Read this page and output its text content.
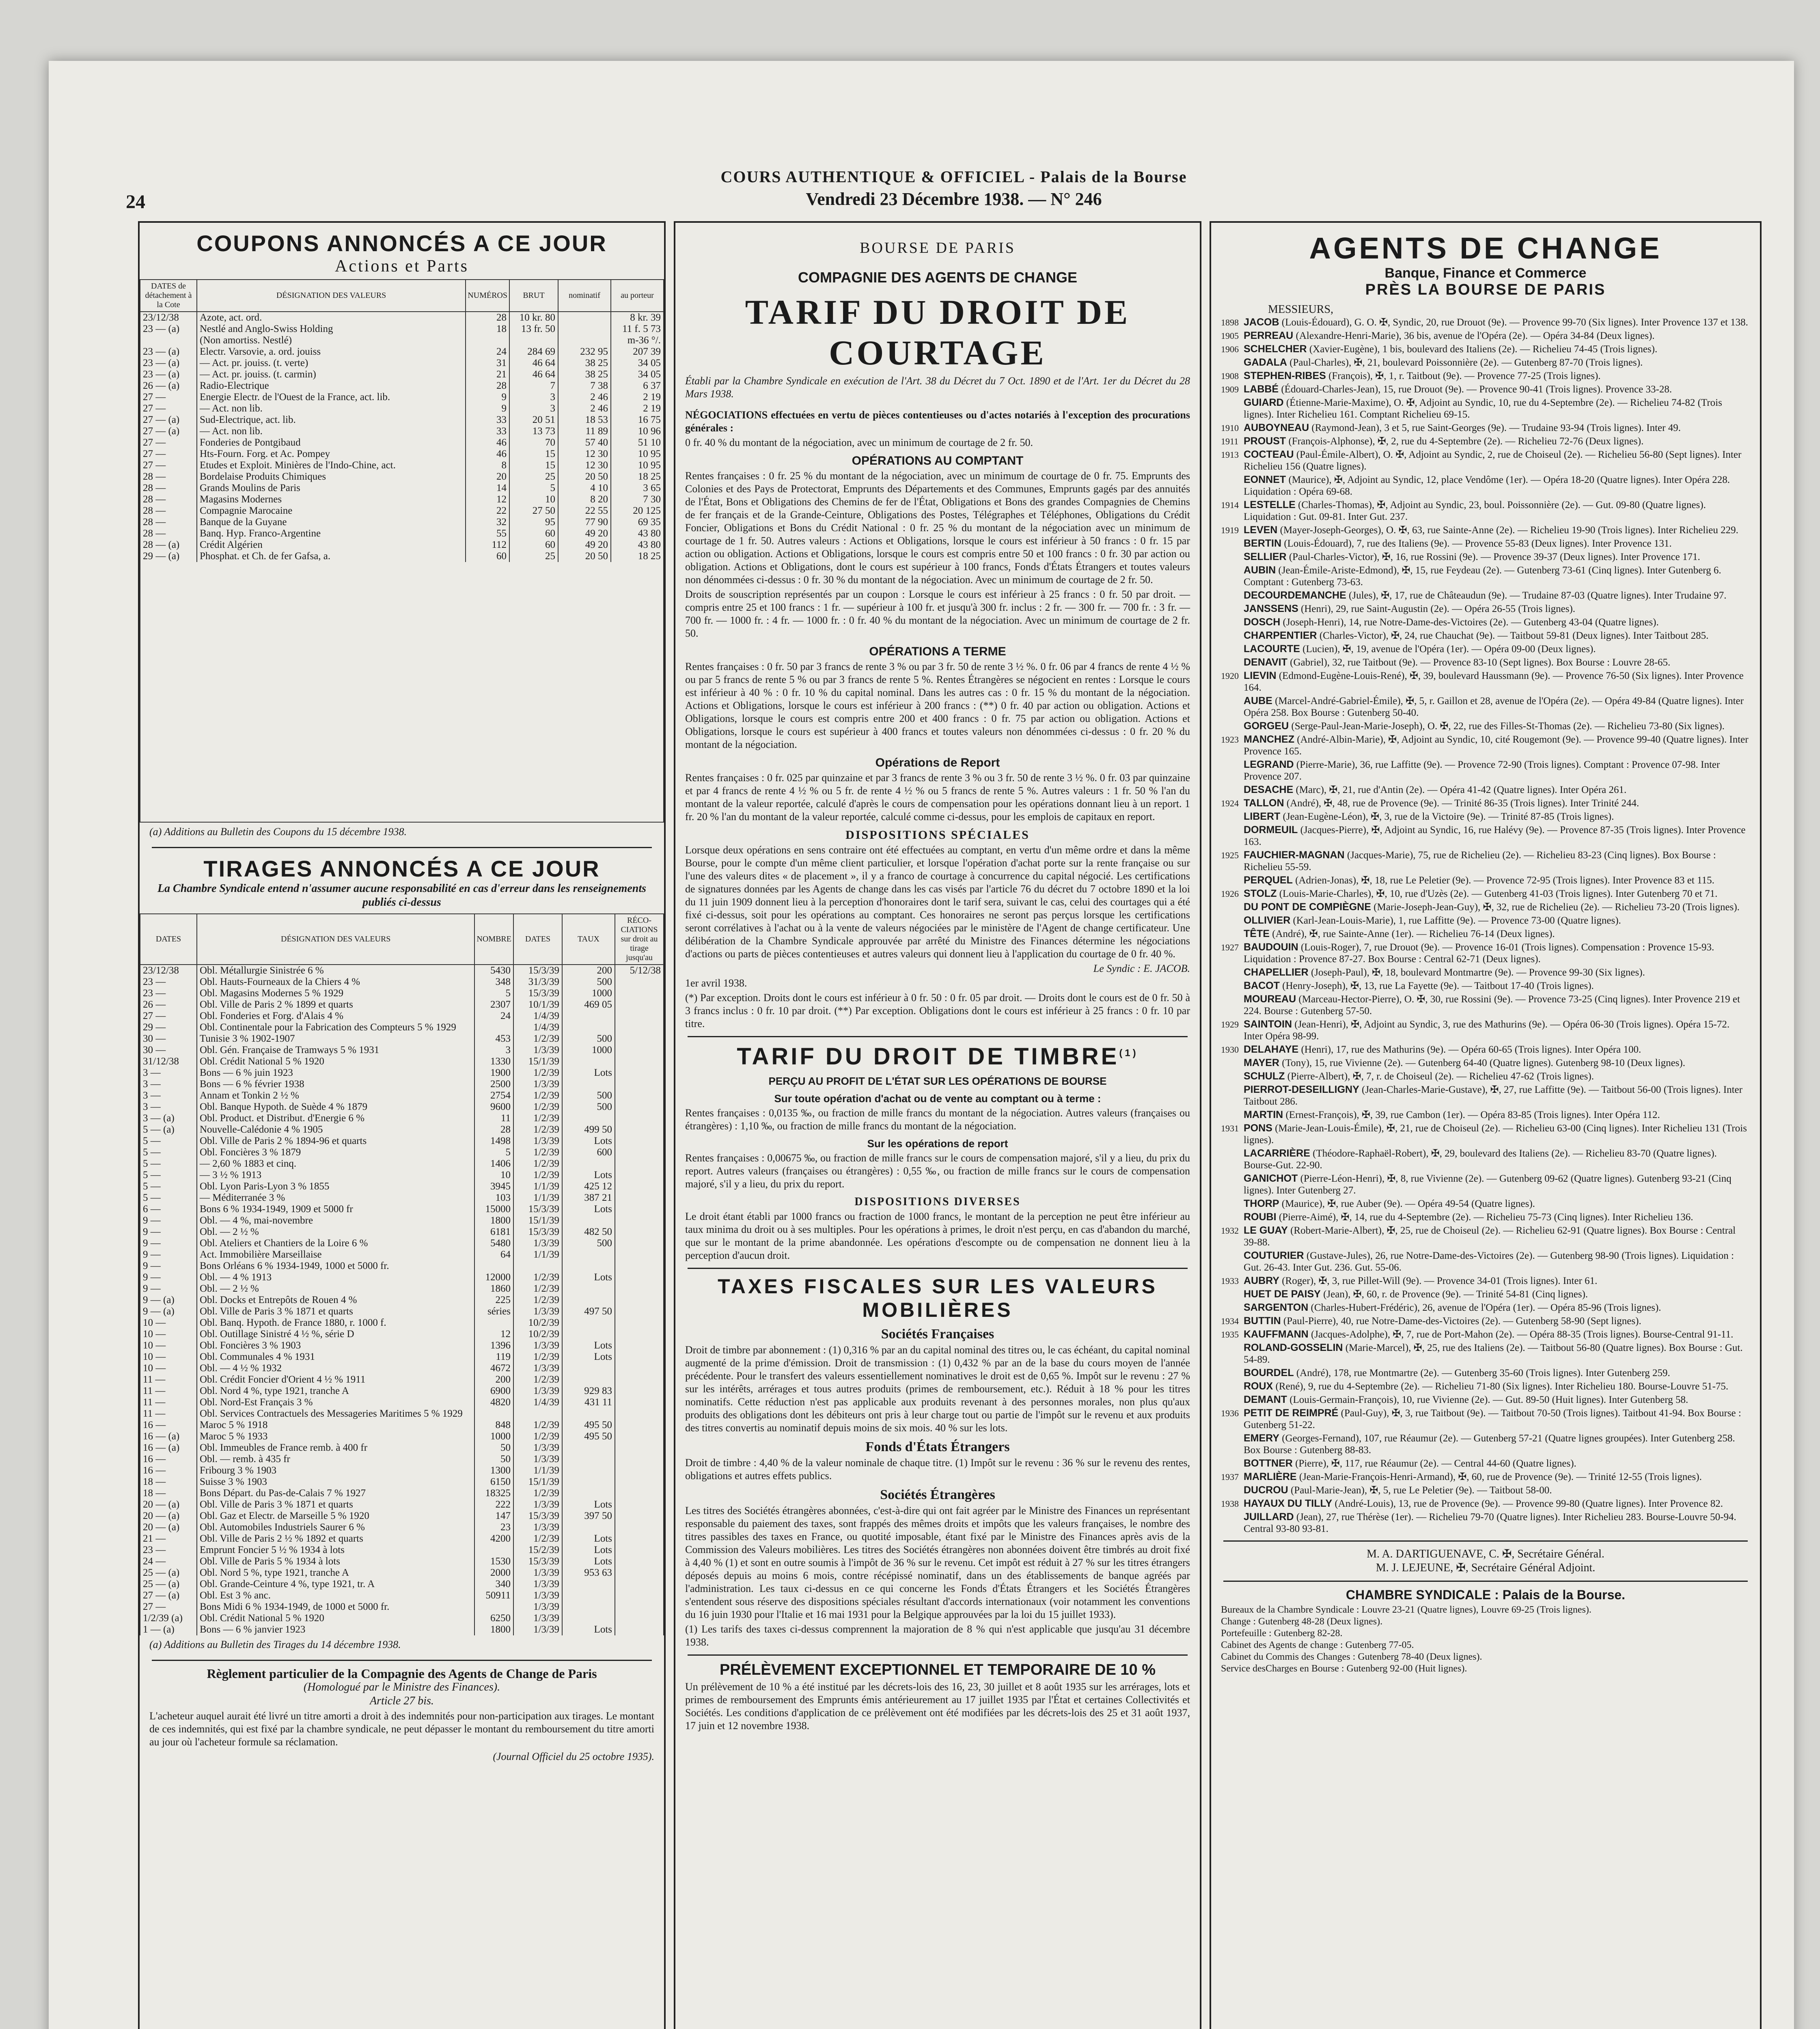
24
COURS AUTHENTIQUE & OFFICIEL - Palais de la Bourse
Vendredi 23 Décembre 1938. — N° 246
COUPONS ANNONCÉS A CE JOUR
Actions et Parts
DATES de détachement à la Cote	DÉSIGNATION DES VALEURS	NUMÉROS	BRUT	nominatif	au porteur
23/12/38	Azote, act. ord.	28	10 kr. 80		8 kr. 39
23 — (a)	Nestlé and Anglo-Swiss Holding	18	13 fr. 50		11 f. 5 73
	(Non amortiss. Nestlé)				m-36 °/.
23 — (a)	Electr. Varsovie, a. ord. jouiss	24	284 69	232 95	207 39
23 — (a)	— Act. pr. jouiss. (t. verte)	31	46 64	38 25	34 05
23 — (a)	— Act. pr. jouiss. (t. carmin)	21	46 64	38 25	34 05
26 — (a)	Radio-Electrique	28	7	7 38	6 37
27 —	Energie Electr. de l'Ouest de la France, act. lib.	9	3	2 46	2 19
27 —	— Act. non lib.	9	3	2 46	2 19
27 — (a)	Sud-Electrique, act. lib.	33	20 51	18 53	16 75
27 — (a)	— Act. non lib.	33	13 73	11 89	10 96
27 —	Fonderies de Pontgibaud	46	70	57 40	51 10
27 —	Hts-Fourn. Forg. et Ac. Pompey	46	15	12 30	10 95
27 —	Etudes et Exploit. Minières de l'Indo-Chine, act.	8	15	12 30	10 95
28 —	Bordelaise Produits Chimiques	20	25	20 50	18 25
28 —	Grands Moulins de Paris	14	5	4 10	3 65
28 —	Magasins Modernes	12	10	8 20	7 30
28 —	Compagnie Marocaine	22	27 50	22 55	20 125
28 —	Banque de la Guyane	32	95	77 90	69 35
28 —	Banq. Hyp. Franco-Argentine	55	60	49 20	43 80
28 — (a)	Crédit Algérien	112	60	49 20	43 80
29 — (a)	Phosphat. et Ch. de fer Gafsa, a.	60	25	20 50	18 25
(a) Additions au Bulletin des Coupons du 15 décembre 1938.
TIRAGES ANNONCÉS A CE JOUR
La Chambre Syndicale entend n'assumer aucune responsabilité en cas d'erreur dans les renseignements publiés ci-dessus
DATES	DÉSIGNATION DES VALEURS	NOMBRE	DATES	TAUX	RÉCO-CIATIONS sur droit au tirage jusqu'au
23/12/38	Obl. Métallurgie Sinistrée 6 %	5430	15/3/39	200	5/12/38
23 —	Obl. Hauts-Fourneaux de la Chiers 4 %	348	31/3/39	500	
23 —	Obl. Magasins Modernes 5 % 1929	5	15/3/39	1000	
26 —	Obl. Ville de Paris 2 % 1899 et quarts	2307	10/1/39	469 05	
27 —	Obl. Fonderies et Forg. d'Alais 4 %	24	1/4/39		
29 —	Obl. Continentale pour la Fabrication des Compteurs 5 % 1929		1/4/39		
30 —	Tunisie 3 % 1902-1907	453	1/2/39	500	
30 —	Obl. Gén. Française de Tramways 5 % 1931	3	1/3/39	1000	
31/12/38	Obl. Crédit National 5 % 1920	1330	15/1/39		
3 —	Bons — 6 % juin 1923	1900	1/2/39	Lots	
3 —	Bons — 6 % février 1938	2500	1/3/39		
3 —	Annam et Tonkin 2 ½ %	2754	1/2/39	500	
3 —	Obl. Banque Hypoth. de Suède 4 % 1879	9600	1/2/39	500	
3 — (a)	Obl. Product. et Distribut. d'Energie 6 %	11	1/2/39		
5 — (a)	Nouvelle-Calédonie 4 % 1905	28	1/2/39	499 50	
5 —	Obl. Ville de Paris 2 % 1894-96 et quarts	1498	1/3/39	Lots	
5 —	Obl. Foncières 3 % 1879	5	1/2/39	600	
5 —	— 2,60 % 1883 et cinq.	1406	1/2/39		
5 —	— 3 ½ % 1913	10	1/2/39	Lots	
5 —	Obl. Lyon Paris-Lyon 3 % 1855	3945	1/1/39	425 12	
5 —	— Méditerranée 3 %	103	1/1/39	387 21	
6 —	Bons 6 % 1934-1949, 1909 et 5000 fr	15000	15/3/39	Lots	
9 —	Obl. — 4 %, mai-novembre	1800	15/1/39		
9 —	Obl. — 2 ½ %	6181	15/3/39	482 50	
9 —	Obl. Ateliers et Chantiers de la Loire 6 %	5480	1/3/39	500	
9 —	Act. Immobilière Marseillaise	64	1/1/39		
9 —	Bons Orléans 6 % 1934-1949, 1000 et 5000 fr.				
9 —	Obl. — 4 % 1913	12000	1/2/39	Lots	
9 —	Obl. — 2 ½ %	1860	1/2/39		
9 — (a)	Obl. Docks et Entrepôts de Rouen 4 %	225	1/2/39		
9 — (a)	Obl. Ville de Paris 3 % 1871 et quarts	séries	1/3/39	497 50	
10 —	Obl. Banq. Hypoth. de France 1880, r. 1000 f.		10/2/39		
10 —	Obl. Outillage Sinistré 4 ½ %, série D	12	10/2/39		
10 —	Obl. Foncières 3 % 1903	1396	1/3/39	Lots	
10 —	Obl. Communales 4 % 1931	119	1/2/39	Lots	
10 —	Obl. — 4 ½ % 1932	4672	1/3/39		
11 —	Obl. Crédit Foncier d'Orient 4 ½ % 1911	200	1/2/39		
11 —	Obl. Nord 4 %, type 1921, tranche A	6900	1/3/39	929 83	
11 —	Obl. Nord-Est Français 3 %	4820	1/4/39	431 11	
11 —	Obl. Services Contractuels des Messageries Maritimes 5 % 1929				
16 —	Maroc 5 % 1918	848	1/2/39	495 50	
16 — (a)	Maroc 5 % 1933	1000	1/2/39	495 50	
16 — (a)	Obl. Immeubles de France remb. à 400 fr	50	1/3/39		
16 —	Obl. — remb. à 435 fr	50	1/3/39		
16 —	Fribourg 3 % 1903	1300	1/1/39		
18 —	Suisse 3 % 1903	6150	15/1/39		
18 —	Bons Départ. du Pas-de-Calais 7 % 1927	18325	1/2/39		
20 — (a)	Obl. Ville de Paris 3 % 1871 et quarts	222	1/3/39	Lots	
20 — (a)	Obl. Gaz et Electr. de Marseille 5 % 1920	147	15/3/39	397 50	
20 — (a)	Obl. Automobiles Industriels Saurer 6 %	23	1/3/39		
21 —	Obl. Ville de Paris 2 ½ % 1892 et quarts	4200	1/2/39	Lots	
23 —	Emprunt Foncier 5 ½ % 1934 à lots		15/2/39	Lots	
24 —	Obl. Ville de Paris 5 % 1934 à lots	1530	15/3/39	Lots	
25 — (a)	Obl. Nord 5 %, type 1921, tranche A	2000	1/3/39	953 63	
25 — (a)	Obl. Grande-Ceinture 4 %, type 1921, tr. A	340	1/3/39		
27 — (a)	Obl. Est 3 % anc.	50911	1/3/39		
27 —	Bons Midi 6 % 1934-1949, de 1000 et 5000 fr.		1/3/39		
1/2/39 (a)	Obl. Crédit National 5 % 1920	6250	1/3/39		
1 — (a)	Bons — 6 % janvier 1923	1800	1/3/39	Lots	
(a) Additions au Bulletin des Tirages du 14 décembre 1938.
Règlement particulier de la Compagnie des Agents de Change de Paris
(Homologué par le Ministre des Finances).
Article 27 bis.
L'acheteur auquel aurait été livré un titre amorti a droit à des indemnités pour non-participation aux tirages. Le montant de ces indemnités, qui est fixé par la chambre syndicale, ne peut dépasser le montant du remboursement du titre amorti au jour où l'acheteur formule sa réclamation.
(Journal Officiel du 25 octobre 1935).
BOURSE DE PARIS
COMPAGNIE DES AGENTS DE CHANGE
TARIF DU DROIT DE COURTAGE
Établi par la Chambre Syndicale en exécution de l'Art. 38 du Décret du 7 Oct. 1890 et de l'Art. 1er du Décret du 28 Mars 1938.
NÉGOCIATIONS effectuées en vertu de pièces contentieuses ou d'actes notariés à l'exception des procurations générales :
0 fr. 40 % du montant de la négociation, avec un minimum de courtage de 2 fr. 50.
OPÉRATIONS AU COMPTANT
Rentes françaises : 0 fr. 25 % du montant de la négociation, avec un minimum de courtage de 0 fr. 75. Emprunts des Colonies et des Pays de Protectorat, Emprunts des Départements et des Communes, Emprunts gagés par des annuités de l'État, Bons et Obligations des Chemins de fer de l'État, Obligations et Bons des grandes Compagnies de Chemins de fer français et de la Grande-Ceinture, Obligations des Postes, Télégraphes et Téléphones, Obligations du Crédit Foncier, Obligations et Bons du Crédit National : 0 fr. 25 % du montant de la négociation avec un minimum de courtage de 1 fr. 50. Autres valeurs : Actions et Obligations, lorsque le cours est inférieur à 50 francs : 0 fr. 15 par action ou obligation. Actions et Obligations, lorsque le cours est compris entre 50 et 100 francs : 0 fr. 30 par action ou obligation. Actions et Obligations, dont le cours est supérieur à 100 francs, Fonds d'États Étrangers et toutes valeurs non dénommées ci-dessus : 0 fr. 30 % du montant de la négociation. Avec un minimum de courtage de 2 fr. 50.
Droits de souscription représentés par un coupon : Lorsque le cours est inférieur à 25 francs : 0 fr. 50 par droit. — compris entre 25 et 100 francs : 1 fr. — supérieur à 100 fr. et jusqu'à 300 fr. inclus : 2 fr. — 300 fr. — 700 fr. : 3 fr. — 700 fr. — 1000 fr. : 4 fr. — 1000 fr. : 0 fr. 40 % du montant de la négociation. Avec un minimum de courtage de 2 fr. 50.
OPÉRATIONS A TERME
Rentes françaises : 0 fr. 50 par 3 francs de rente 3 % ou par 3 fr. 50 de rente 3 ½ %. 0 fr. 06 par 4 francs de rente 4 ½ % ou par 5 francs de rente 5 % ou par 3 francs de rente 5 %. Rentes Étrangères se négocient en rentes : Lorsque le cours est inférieur à 40 % : 0 fr. 10 % du capital nominal. Dans les autres cas : 0 fr. 15 % du montant de la négociation. Actions et Obligations, lorsque le cours est inférieur à 200 francs : (**) 0 fr. 40 par action ou obligation. Actions et Obligations, lorsque le cours est compris entre 200 et 400 francs : 0 fr. 75 par action ou obligation. Actions et Obligations, lorsque le cours est supérieur à 400 francs et toutes valeurs non dénommées ci-dessus : 0 fr. 20 % du montant de la négociation.
Opérations de Report
Rentes françaises : 0 fr. 025 par quinzaine et par 3 francs de rente 3 % ou 3 fr. 50 de rente 3 ½ %. 0 fr. 03 par quinzaine et par 4 francs de rente 4 ½ % ou 5 fr. de rente 4 ½ % ou 5 francs de rente 5 %. Autres valeurs : 1 fr. 50 % l'an du montant de la valeur reportée, calculé d'après le cours de compensation pour les opérations donnant lieu à un report. 1 fr. 20 % l'an du montant de la valeur reportée, calculé comme ci-dessus, pour les emplois de capitaux en report.
DISPOSITIONS SPÉCIALES
Lorsque deux opérations en sens contraire ont été effectuées au comptant, en vertu d'un même ordre et dans la même Bourse, pour le compte d'un même client particulier, et lorsque l'opération d'achat porte sur la rente française ou sur l'une des valeurs dites « de placement », il y a franco de courtage à concurrence du capital négocié. Les certifications de signatures données par les Agents de change dans les cas visés par l'article 76 du décret du 7 octobre 1890 et la loi du 11 juin 1909 donnent lieu à la perception d'honoraires dont le tarif sera, suivant le cas, celui des courtages qui a été fixé ci-dessus, soit pour les opérations au comptant. Ces honoraires ne seront pas perçus lorsque les certifications seront corrélatives à l'achat ou à la vente de valeurs négociées par le ministère de l'Agent de change certificateur. Une délibération de la Chambre Syndicale approuvée par arrêté du Ministre des Finances détermine les négociations d'actions ou parts de pièces contentieuses et autres valeurs qui donnent lieu à l'application du courtage de 0 fr. 40 %.
Le Syndic : E. JACOB.
1er avril 1938.
(*) Par exception. Droits dont le cours est inférieur à 0 fr. 50 : 0 fr. 05 par droit. — Droits dont le cours est de 0 fr. 50 à 3 francs inclus : 0 fr. 10 par droit. (**) Par exception. Obligations dont le cours est inférieur à 25 francs : 0 fr. 10 par titre.
TARIF DU DROIT DE TIMBRE$^{(1)}$
PERÇU AU PROFIT DE L'ÉTAT SUR LES OPÉRATIONS DE BOURSE
Sur toute opération d'achat ou de vente au comptant ou à terme :
Rentes françaises : 0,0135 ‰, ou fraction de mille francs du montant de la négociation. Autres valeurs (françaises ou étrangères) : 1,10 ‰, ou fraction de mille francs du montant de la négociation.
Sur les opérations de report
Rentes françaises : 0,00675 ‰, ou fraction de mille francs sur le cours de compensation majoré, s'il y a lieu, du prix du report. Autres valeurs (françaises ou étrangères) : 0,55 ‰, ou fraction de mille francs sur le cours de compensation majoré, s'il y a lieu, du prix du report.
DISPOSITIONS DIVERSES
Le droit étant établi par 1000 francs ou fraction de 1000 francs, le montant de la perception ne peut être inférieur au taux minima du droit ou à ses multiples. Pour les opérations à primes, le droit n'est perçu, en cas d'abandon du marché, que sur le montant de la prime abandonnée. Les opérations d'escompte ou de compensation ne donnent lieu à la perception d'aucun droit.
TAXES FISCALES SUR LES VALEURS MOBILIÈRES
Sociétés Françaises
Droit de timbre par abonnement : (1) 0,316 % par an du capital nominal des titres ou, le cas échéant, du capital nominal augmenté de la prime d'émission. Droit de transmission : (1) 0,432 % par an de la base du cours moyen de l'année précédente. Pour le transfert des valeurs essentiellement nominatives le droit est de 0,65 %. Impôt sur le revenu : 27 % sur les intérêts, arrérages et tous autres produits (primes de remboursement, etc.). Réduit à 18 % pour les titres nominatifs. Cette réduction n'est pas applicable aux produits revenant à des personnes morales, non plus qu'aux produits des obligations dont les débiteurs ont pris à leur charge tout ou partie de l'impôt sur le revenu et aux produits des titres convertis au nominatif depuis moins de six mois. 40 % sur les lots.
Fonds d'États Étrangers
Droit de timbre : 4,40 % de la valeur nominale de chaque titre. (1) Impôt sur le revenu : 36 % sur le revenu des rentes, obligations et autres effets publics.
Sociétés Étrangères
Les titres des Sociétés étrangères abonnées, c'est-à-dire qui ont fait agréer par le Ministre des Finances un représentant responsable du paiement des taxes, sont frappés des mêmes droits et impôts que les valeurs françaises, le nombre des titres passibles des taxes en France, ou quotité imposable, étant fixé par le Ministre des Finances après avis de la Commission des Valeurs mobilières. Les titres des Sociétés étrangères non abonnées doivent être timbrés au droit fixé à 4,40 % (1) et sont en outre soumis à l'impôt de 36 % sur le revenu. Cet impôt est réduit à 27 % sur les titres étrangers déposés depuis au moins 6 mois, contre récépissé nominatif, dans un des établissements de banque agréés par l'administration. Les taux ci-dessus en ce qui concerne les Fonds d'États Étrangers et les Sociétés Étrangères s'entendent sous réserve des dispositions spéciales résultant d'accords internationaux (voir notamment les conventions du 16 juin 1930 pour l'Italie et 16 mai 1931 pour la Belgique approuvées par la loi du 15 juillet 1933).
(1) Les tarifs des taxes ci-dessus comprennent la majoration de 8 % qui n'est applicable que jusqu'au 31 décembre 1938.
PRÉLÈVEMENT EXCEPTIONNEL ET TEMPORAIRE DE 10 %
Un prélèvement de 10 % a été institué par les décrets-lois des 16, 23, 30 juillet et 8 août 1935 sur les arrérages, lots et primes de remboursement des Emprunts émis antérieurement au 17 juillet 1935 par l'État et certaines Collectivités et Sociétés. Les conditions d'application de ce prélèvement ont été modifiées par les décrets-lois des 25 et 31 août 1937, 17 juin et 12 novembre 1938.
AGENTS DE CHANGE
Banque, Finance et Commerce
PRÈS LA BOURSE DE PARIS
MESSIEURS,
1898 JACOB (Louis-Édouard), G. O. ✠, Syndic, 20, rue Drouot (9e). — Provence 99-70 (Six lignes). Inter Provence 137 et 138.
1905 PERREAU (Alexandre-Henri-Marie), 36 bis, avenue de l'Opéra (2e). — Opéra 34-84 (Deux lignes).
1906 SCHELCHER (Xavier-Eugène), 1 bis, boulevard des Italiens (2e). — Richelieu 74-45 (Trois lignes).
GADALA (Paul-Charles), ✠, 21, boulevard Poissonnière (2e). — Gutenberg 87-70 (Trois lignes).
1908 STEPHEN-RIBES (François), ✠, 1, r. Taitbout (9e). — Provence 77-25 (Trois lignes).
1909 LABBÉ (Édouard-Charles-Jean), 15, rue Drouot (9e). — Provence 90-41 (Trois lignes). Provence 33-28.
GUIARD (Étienne-Marie-Maxime), O. ✠, Adjoint au Syndic, 10, rue du 4-Septembre (2e). — Richelieu 74-82 (Trois lignes). Inter Richelieu 161. Comptant Richelieu 69-15.
1910 AUBOYNEAU (Raymond-Jean), 3 et 5, rue Saint-Georges (9e). — Trudaine 93-94 (Trois lignes). Inter 49.
1911 PROUST (François-Alphonse), ✠, 2, rue du 4-Septembre (2e). — Richelieu 72-76 (Deux lignes).
1913 COCTEAU (Paul-Émile-Albert), O. ✠, Adjoint au Syndic, 2, rue de Choiseul (2e). — Richelieu 56-80 (Sept lignes). Inter Richelieu 156 (Quatre lignes).
EONNET (Maurice), ✠, Adjoint au Syndic, 12, place Vendôme (1er). — Opéra 18-20 (Quatre lignes). Inter Opéra 228. Liquidation : Opéra 69-68.
1914 LESTELLE (Charles-Thomas), ✠, Adjoint au Syndic, 23, boul. Poissonnière (2e). — Gut. 09-80 (Quatre lignes). Liquidation : Gut. 09-81. Inter Gut. 237.
1919 LEVEN (Mayer-Joseph-Georges), O. ✠, 63, rue Sainte-Anne (2e). — Richelieu 19-90 (Trois lignes). Inter Richelieu 229.
BERTIN (Louis-Édouard), 7, rue des Italiens (9e). — Provence 55-83 (Deux lignes). Inter Provence 131.
SELLIER (Paul-Charles-Victor), ✠, 16, rue Rossini (9e). — Provence 39-37 (Deux lignes). Inter Provence 171.
AUBIN (Jean-Émile-Ariste-Edmond), ✠, 15, rue Feydeau (2e). — Gutenberg 73-61 (Cinq lignes). Inter Gutenberg 6. Comptant : Gutenberg 73-63.
DECOURDEMANCHE (Jules), ✠, 17, rue de Châteaudun (9e). — Trudaine 87-03 (Quatre lignes). Inter Trudaine 97.
JANSSENS (Henri), 29, rue Saint-Augustin (2e). — Opéra 26-55 (Trois lignes).
DOSCH (Joseph-Henri), 14, rue Notre-Dame-des-Victoires (2e). — Gutenberg 43-04 (Quatre lignes).
CHARPENTIER (Charles-Victor), ✠, 24, rue Chauchat (9e). — Taitbout 59-81 (Deux lignes). Inter Taitbout 285.
LACOURTE (Lucien), ✠, 19, avenue de l'Opéra (1er). — Opéra 09-00 (Deux lignes).
DENAVIT (Gabriel), 32, rue Taitbout (9e). — Provence 83-10 (Sept lignes). Box Bourse : Louvre 28-65.
1920 LIEVIN (Edmond-Eugène-Louis-René), ✠, 39, boulevard Haussmann (9e). — Provence 76-50 (Six lignes). Inter Provence 164.
AUBE (Marcel-André-Gabriel-Émile), ✠, 5, r. Gaillon et 28, avenue de l'Opéra (2e). — Opéra 49-84 (Quatre lignes). Inter Opéra 258. Box Bourse : Gutenberg 50-40.
GORGEU (Serge-Paul-Jean-Marie-Joseph), O. ✠, 22, rue des Filles-St-Thomas (2e). — Richelieu 73-80 (Six lignes).
1923 MANCHEZ (André-Albin-Marie), ✠, Adjoint au Syndic, 10, cité Rougemont (9e). — Provence 99-40 (Quatre lignes). Inter Provence 165.
LEGRAND (Pierre-Marie), 36, rue Laffitte (9e). — Provence 72-90 (Trois lignes). Comptant : Provence 07-98. Inter Provence 207.
DESACHE (Marc), ✠, 21, rue d'Antin (2e). — Opéra 41-42 (Quatre lignes). Inter Opéra 261.
1924 TALLON (André), ✠, 48, rue de Provence (9e). — Trinité 86-35 (Trois lignes). Inter Trinité 244.
LIBERT (Jean-Eugène-Léon), ✠, 3, rue de la Victoire (9e). — Trinité 87-85 (Trois lignes).
DORMEUIL (Jacques-Pierre), ✠, Adjoint au Syndic, 16, rue Halévy (9e). — Provence 87-35 (Trois lignes). Inter Provence 163.
1925 FAUCHIER-MAGNAN (Jacques-Marie), 75, rue de Richelieu (2e). — Richelieu 83-23 (Cinq lignes). Box Bourse : Richelieu 55-59.
PERQUEL (Adrien-Jonas), ✠, 18, rue Le Peletier (9e). — Provence 72-95 (Trois lignes). Inter Provence 83 et 115.
1926 STOLZ (Louis-Marie-Charles), ✠, 10, rue d'Uzès (2e). — Gutenberg 41-03 (Trois lignes). Inter Gutenberg 70 et 71.
DU PONT DE COMPIÈGNE (Marie-Joseph-Jean-Guy), ✠, 32, rue de Richelieu (2e). — Richelieu 73-20 (Trois lignes).
OLLIVIER (Karl-Jean-Louis-Marie), 1, rue Laffitte (9e). — Provence 73-00 (Quatre lignes).
TÊTE (André), ✠, rue Sainte-Anne (1er). — Richelieu 76-14 (Deux lignes).
1927 BAUDOUIN (Louis-Roger), 7, rue Drouot (9e). — Provence 16-01 (Trois lignes). Compensation : Provence 15-93. Liquidation : Provence 87-27. Box Bourse : Central 62-71 (Deux lignes).
CHAPELLIER (Joseph-Paul), ✠, 18, boulevard Montmartre (9e). — Provence 99-30 (Six lignes).
BACOT (Henry-Joseph), ✠, 13, rue La Fayette (9e). — Taitbout 17-40 (Trois lignes).
MOUREAU (Marceau-Hector-Pierre), O. ✠, 30, rue Rossini (9e). — Provence 73-25 (Cinq lignes). Inter Provence 219 et 224. Bourse : Gutenberg 57-50.
1929 SAINTOIN (Jean-Henri), ✠, Adjoint au Syndic, 3, rue des Mathurins (9e). — Opéra 06-30 (Trois lignes). Opéra 15-72. Inter Opéra 98-99.
1930 DELAHAYE (Henri), 17, rue des Mathurins (9e). — Opéra 60-65 (Trois lignes). Inter Opéra 100.
MAYER (Tony), 15, rue Vivienne (2e). — Gutenberg 64-40 (Quatre lignes). Gutenberg 98-10 (Deux lignes).
SCHULZ (Pierre-Albert), ✠, 7, r. de Choiseul (2e). — Richelieu 47-62 (Trois lignes).
PIERROT-DESEILLIGNY (Jean-Charles-Marie-Gustave), ✠, 27, rue Laffitte (9e). — Taitbout 56-00 (Trois lignes). Inter Taitbout 286.
MARTIN (Ernest-François), ✠, 39, rue Cambon (1er). — Opéra 83-85 (Trois lignes). Inter Opéra 112.
1931 PONS (Marie-Jean-Louis-Émile), ✠, 21, rue de Choiseul (2e). — Richelieu 63-00 (Cinq lignes). Inter Richelieu 131 (Trois lignes).
LACARRIÈRE (Théodore-Raphaël-Robert), ✠, 29, boulevard des Italiens (2e). — Richelieu 83-70 (Quatre lignes). Bourse-Gut. 22-90.
GANICHOT (Pierre-Léon-Henri), ✠, 8, rue Vivienne (2e). — Gutenberg 09-62 (Quatre lignes). Gutenberg 93-21 (Cinq lignes). Inter Gutenberg 27.
THORP (Maurice), ✠, rue Auber (9e). — Opéra 49-54 (Quatre lignes).
ROUBI (Pierre-Aimé), ✠, 14, rue du 4-Septembre (2e). — Richelieu 75-73 (Cinq lignes). Inter Richelieu 136.
1932 LE GUAY (Robert-Marie-Albert), ✠, 25, rue de Choiseul (2e). — Richelieu 62-91 (Quatre lignes). Box Bourse : Central 39-88.
COUTURIER (Gustave-Jules), 26, rue Notre-Dame-des-Victoires (2e). — Gutenberg 98-90 (Trois lignes). Liquidation : Gut. 26-43. Inter Gut. 236. Gut. 55-06.
1933 AUBRY (Roger), ✠, 3, rue Pillet-Will (9e). — Provence 34-01 (Trois lignes). Inter 61.
HUET DE PAISY (Jean), ✠, 60, r. de Provence (9e). — Trinité 54-81 (Cinq lignes).
SARGENTON (Charles-Hubert-Frédéric), 26, avenue de l'Opéra (1er). — Opéra 85-96 (Trois lignes).
1934 BUTTIN (Paul-Pierre), 40, rue Notre-Dame-des-Victoires (2e). — Gutenberg 58-90 (Sept lignes).
1935 KAUFFMANN (Jacques-Adolphe), ✠, 7, rue de Port-Mahon (2e). — Opéra 88-35 (Trois lignes). Bourse-Central 91-11.
ROLAND-GOSSELIN (Marie-Marcel), ✠, 25, rue des Italiens (2e). — Taitbout 56-80 (Quatre lignes). Box Bourse : Gut. 54-89.
BOURDEL (André), 178, rue Montmartre (2e). — Gutenberg 35-60 (Trois lignes). Inter Gutenberg 259.
ROUX (René), 9, rue du 4-Septembre (2e). — Richelieu 71-80 (Six lignes). Inter Richelieu 180. Bourse-Louvre 51-75.
DEMANT (Louis-Germain-François), 10, rue Vivienne (2e). — Gut. 89-50 (Huit lignes). Inter Gutenberg 58.
1936 PETIT DE REIMPRÉ (Paul-Guy), ✠, 3, rue Taitbout (9e). — Taitbout 70-50 (Trois lignes). Taitbout 41-94. Box Bourse : Gutenberg 51-22.
EMERY (Georges-Fernand), 107, rue Réaumur (2e). — Gutenberg 57-21 (Quatre lignes groupées). Inter Gutenberg 258. Box Bourse : Gutenberg 88-83.
BOTTNER (Pierre), ✠, 117, rue Réaumur (2e). — Central 44-60 (Quatre lignes).
1937 MARLIÈRE (Jean-Marie-François-Henri-Armand), ✠, 60, rue de Provence (9e). — Trinité 12-55 (Trois lignes).
DUCROU (Paul-Marie-Jean), ✠, 5, rue Le Peletier (9e). — Taitbout 58-00.
1938 HAYAUX DU TILLY (André-Louis), 13, rue de Provence (9e). — Provence 99-80 (Quatre lignes). Inter Provence 82.
JUILLARD (Jean), 27, rue Thérèse (1er). — Richelieu 79-70 (Quatre lignes). Inter Richelieu 283. Bourse-Louvre 50-94. Central 93-80 93-81.
M. A. DARTIGUENAVE, C. ✠, Secrétaire Général.
M. J. LEJEUNE, ✠, Secrétaire Général Adjoint.
CHAMBRE SYNDICALE : Palais de la Bourse.
Bureaux de la Chambre Syndicale : Louvre 23-21 (Quatre lignes), Louvre 69-25 (Trois lignes).
Change : Gutenberg 48-28 (Deux lignes).
Portefeuille : Gutenberg 82-28.
Cabinet des Agents de change : Gutenberg 77-05.
Cabinet du Commis des Changes : Gutenberg 78-40 (Deux lignes).
Service desCharges en Bourse : Gutenberg 92-00 (Huit lignes).
